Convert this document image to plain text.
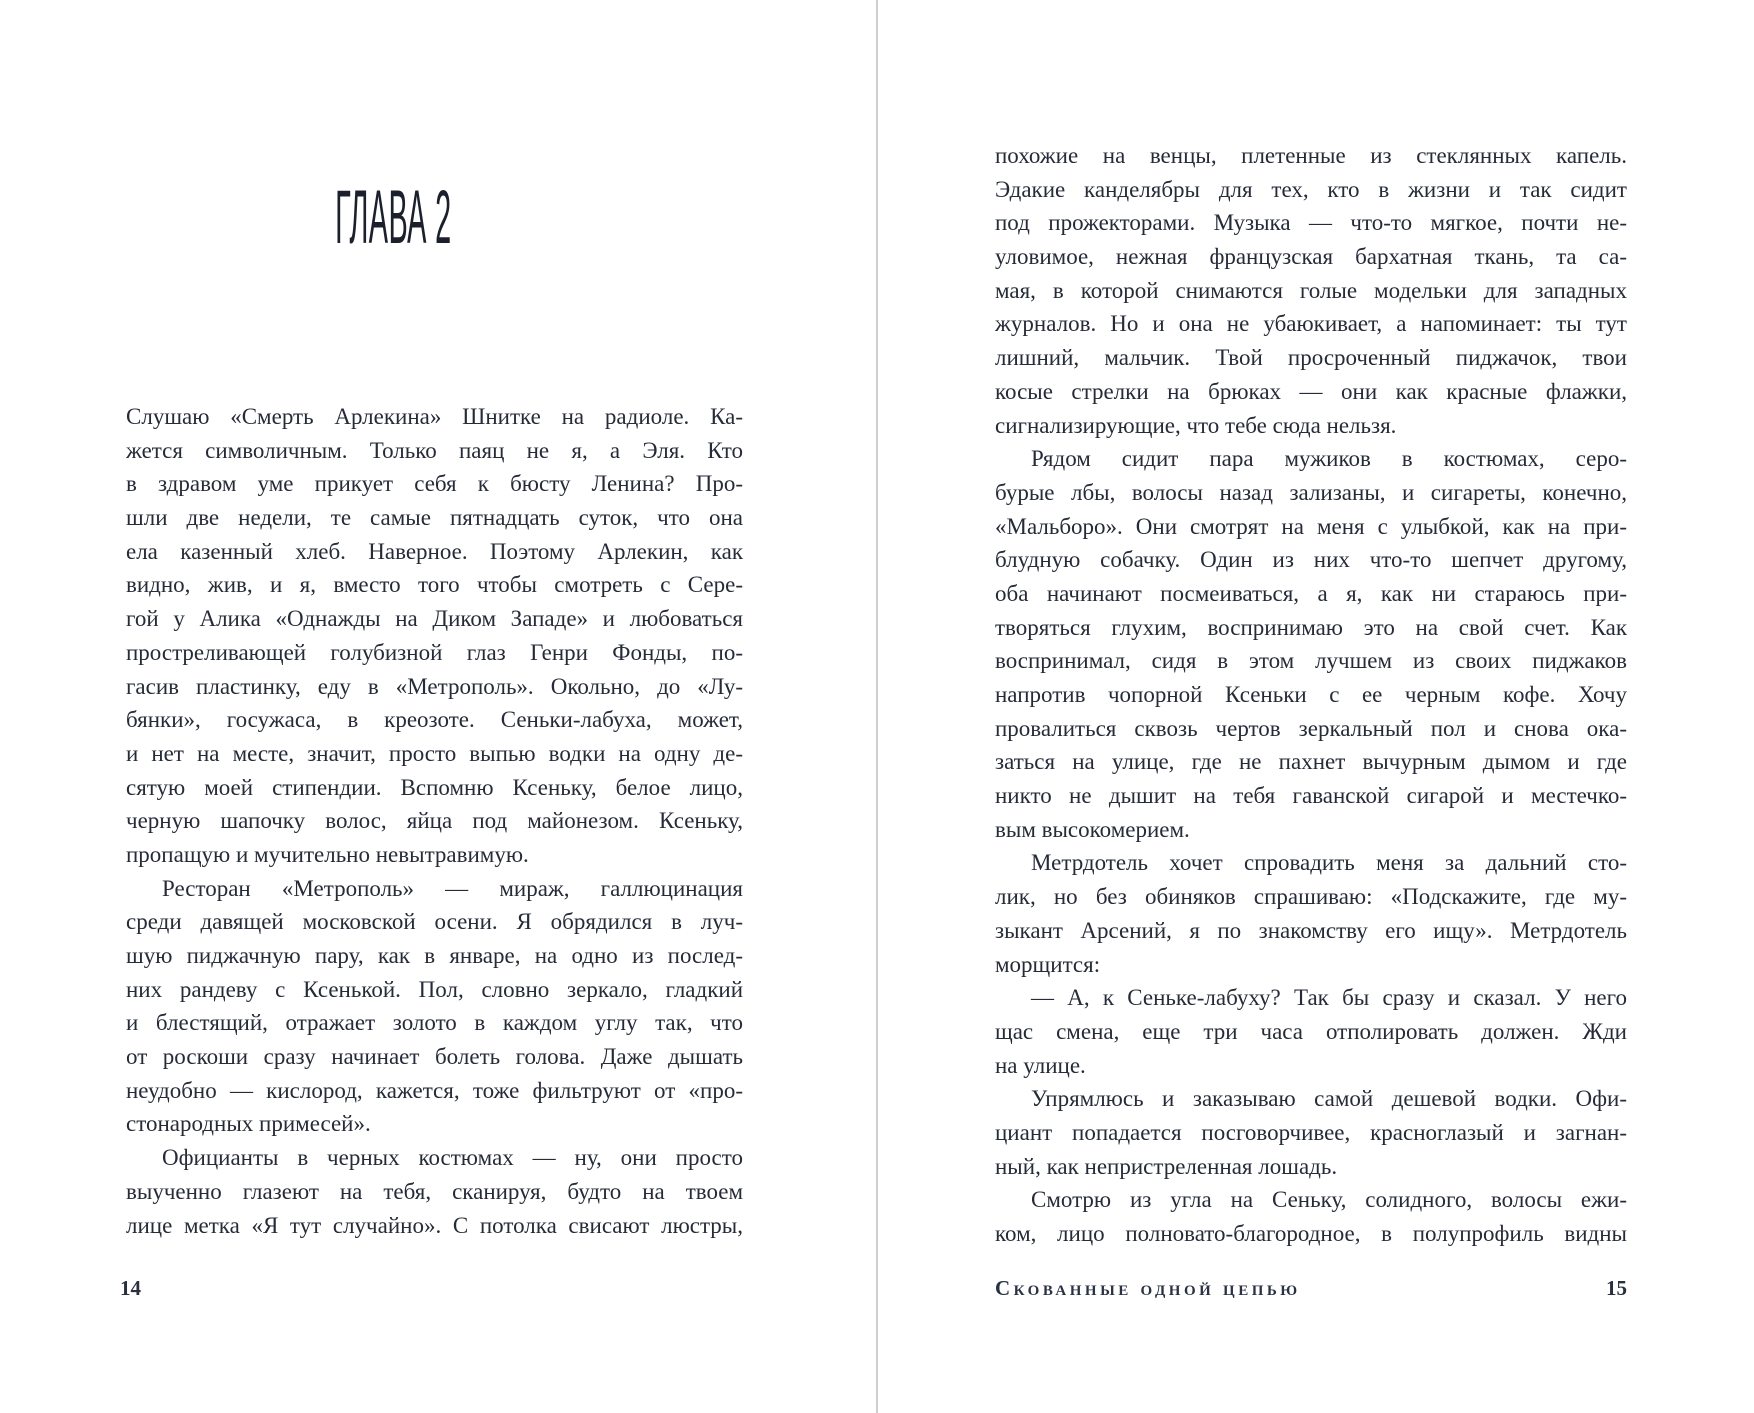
ГЛАВА 2
Слушаю «Смерть Арлекина» Шнитке на радиоле. Ка-
жется символичным. Только паяц не я, а Эля. Кто
в здравом уме прикует себя к бюсту Ленина? Про-
шли две недели, те самые пятнадцать суток, что она
ела казенный хлеб. Наверное. Поэтому Арлекин, как
видно, жив, и я, вместо того чтобы смотреть с Сере-
гой у Алика «Однажды на Диком Западе» и любоваться
простреливающей голубизной глаз Генри Фонды, по-
гасив пластинку, еду в «Метрополь». Окольно, до «Лу-
бянки», госужаса, в креозоте. Сеньки-лабуха, может,
и нет на месте, значит, просто выпью водки на одну де-
сятую моей стипендии. Вспомню Ксеньку, белое лицо,
черную шапочку волос, яйца под майонезом. Ксеньку,
пропащую и мучительно невытравимую.
Ресторан «Метрополь» — мираж, галлюцинация
среди давящей московской осени. Я обрядился в луч-
шую пиджачную пару, как в январе, на одно из послед-
них рандеву с Ксенькой. Пол, словно зеркало, гладкий
и блестящий, отражает золото в каждом углу так, что
от роскоши сразу начинает болеть голова. Даже дышать
неудобно — кислород, кажется, тоже фильтруют от «про-
стонародных примесей».
Официанты в черных костюмах — ну, они просто
выученно глазеют на тебя, сканируя, будто на твоем
лице метка «Я тут случайно». С потолка свисают люстры,
14
похожие на венцы, плетенные из стеклянных капель.
Эдакие канделябры для тех, кто в жизни и так сидит
под прожекторами. Музыка — что-то мягкое, почти не-
уловимое, нежная французская бархатная ткань, та са-
мая, в которой снимаются голые модельки для западных
журналов. Но и она не убаюкивает, а напоминает: ты тут
лишний, мальчик. Твой просроченный пиджачок, твои
косые стрелки на брюках — они как красные флажки,
сигнализирующие, что тебе сюда нельзя.
Рядом сидит пара мужиков в костюмах, серо-
бурые лбы, волосы назад зализаны, и сигареты, конечно,
«Мальборо». Они смотрят на меня с улыбкой, как на при-
блудную собачку. Один из них что-то шепчет другому,
оба начинают посмеиваться, а я, как ни стараюсь при-
творяться глухим, воспринимаю это на свой счет. Как
воспринимал, сидя в этом лучшем из своих пиджаков
напротив чопорной Ксеньки с ее черным кофе. Хочу
провалиться сквозь чертов зеркальный пол и снова ока-
заться на улице, где не пахнет вычурным дымом и где
никто не дышит на тебя гаванской сигарой и местечко-
вым высокомерием.
Метрдотель хочет спровадить меня за дальний сто-
лик, но без обиняков спрашиваю: «Подскажите, где му-
зыкант Арсений, я по знакомству его ищу». Метрдотель
морщится:
— А, к Сеньке-лабуху? Так бы сразу и сказал. У него
щас смена, еще три часа отполировать должен. Жди
на улице.
Упрямлюсь и заказываю самой дешевой водки. Офи-
циант попадается посговорчивее, красноглазый и загнан-
ный, как непристреленная лошадь.
Смотрю из угла на Сеньку, солидного, волосы ежи-
ком, лицо полновато-благородное, в полупрофиль видны
Скованные одной цепью	15
